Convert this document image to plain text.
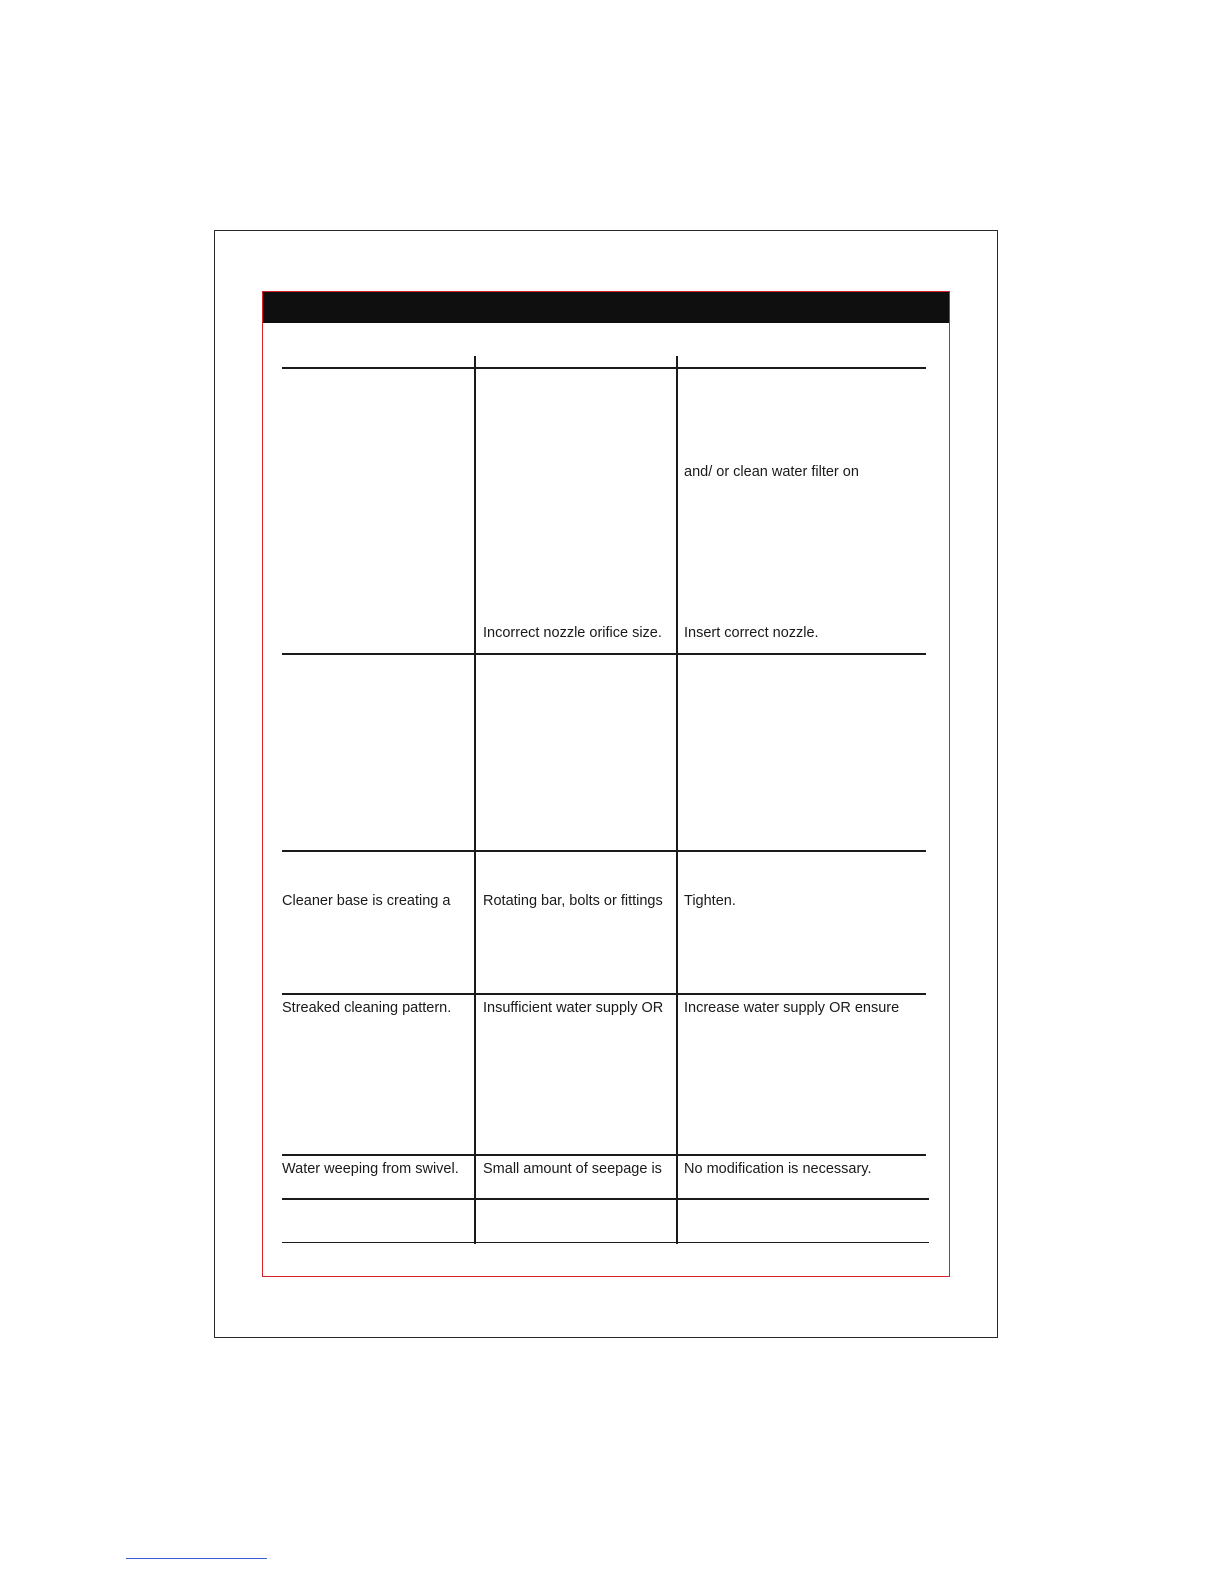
and/ or clean water filter on
Incorrect nozzle orifice size. Insert correct nozzle.
Cleaner base is creating a Rotating bar, bolts or fittings Tighten.
Streaked cleaning pattern. Insufficient water supply OR Increase water supply OR ensure
Water weeping from swivel. Small amount of seepage is No modification is necessary.
